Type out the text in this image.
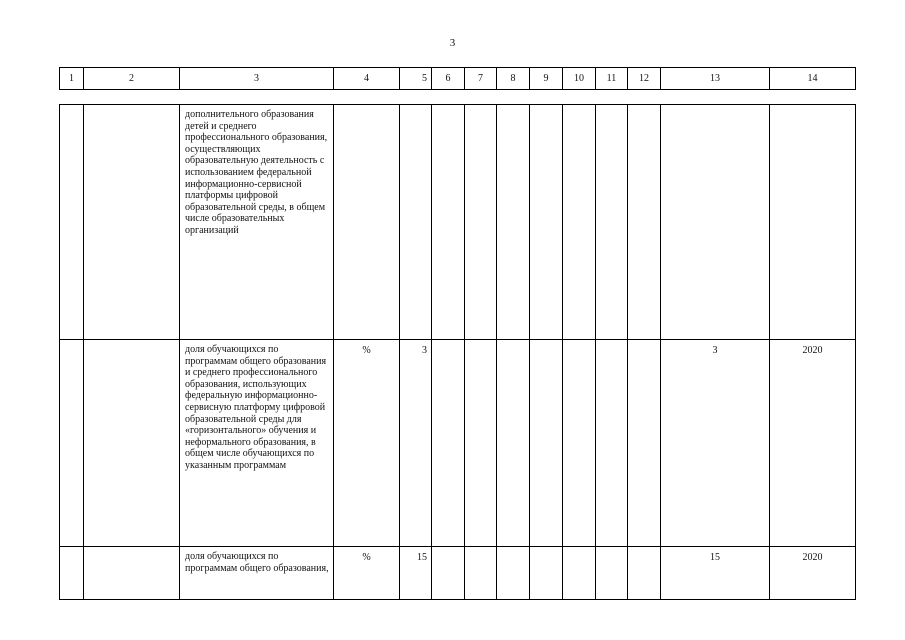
3
1	2	3	4	5	6	7	8	9	10	11	12	13	14
		дополнительного образования детей и среднего профессионального образования, осуществляющих образовательную деятельность с использованием федеральной информационно-сервисной платформы цифровой образовательной среды, в общем числе образовательных организаций											
		доля обучающихся по программам общего образования и среднего профессионального образования, использующих федеральную информационно-сервисную платформу цифровой образовательной среды для «горизонтального» обучения и неформального образования, в общем числе обучающихся по указанным программам	%	3								3	2020
		доля обучающихся по программам общего образования,	%	15								15	2020
